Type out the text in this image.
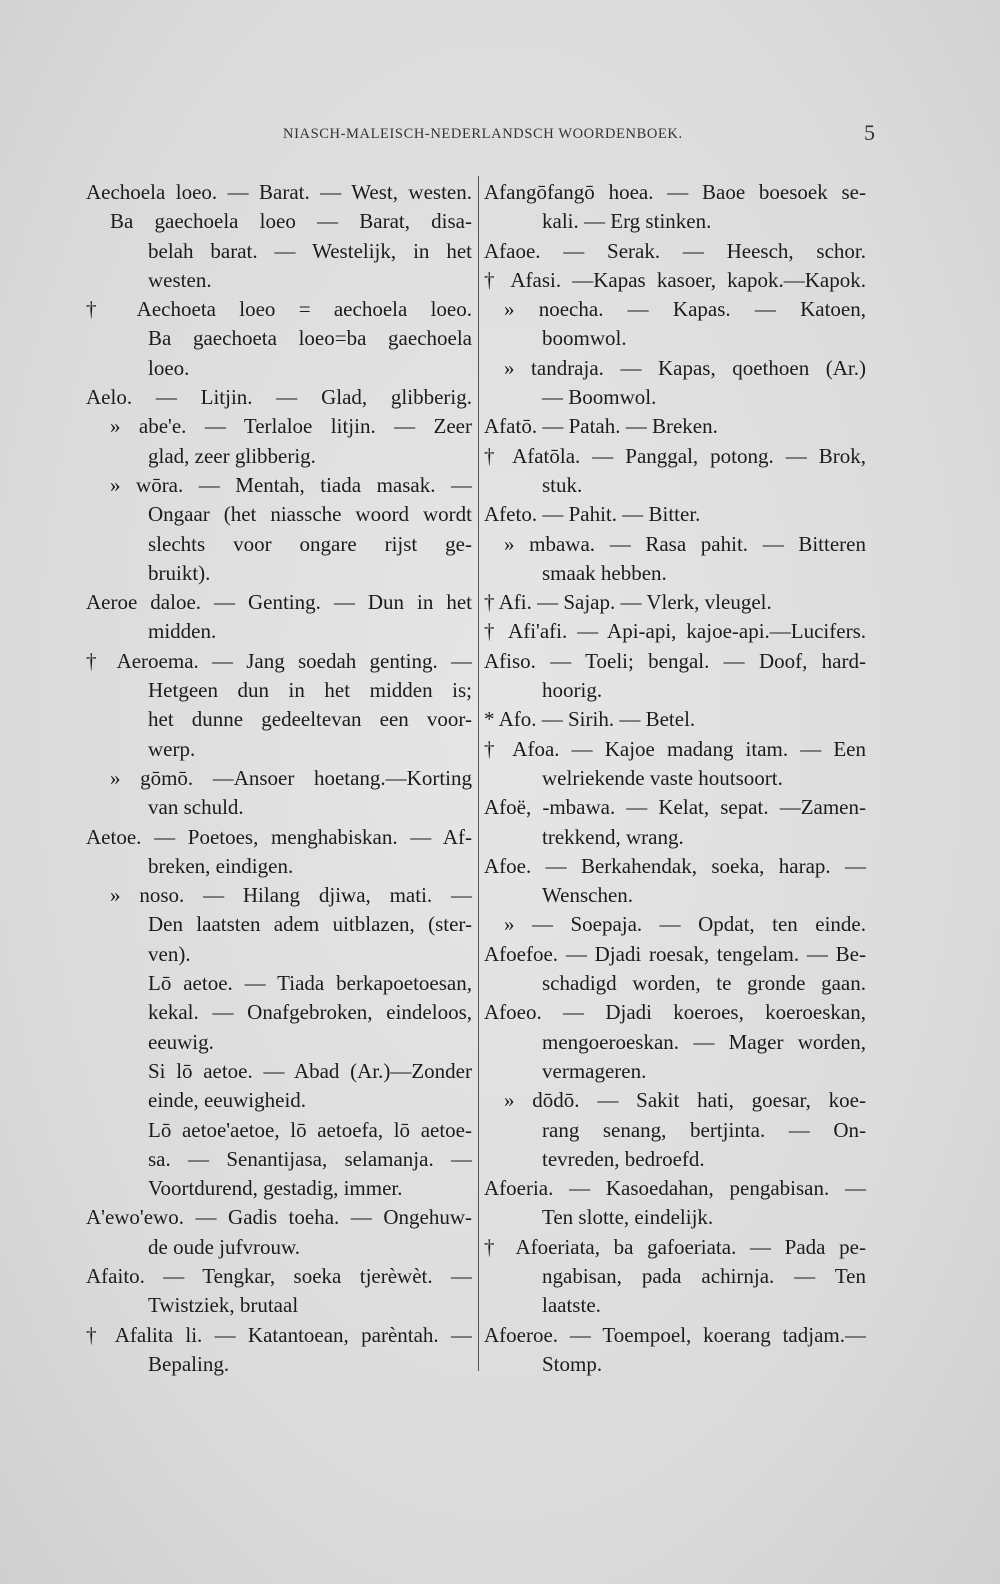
NIASCH-MALEISCH-NEDERLANDSCH WOORDENBOEK.	5
Aechoela loeo. — Barat. — West, westen.
Ba gaechoela loeo — Barat, disa-
belah barat. — Westelijk, in het
westen.
† Aechoeta loeo = aechoela loeo.
Ba gaechoeta loeo=ba gaechoela
loeo.
Aelo. — Litjin. — Glad, glibberig.
» abe'e. — Terlaloe litjin. — Zeer
glad, zeer glibberig.
» wōra. — Mentah, tiada masak. —
Ongaar (het niassche woord wordt
slechts voor ongare rijst ge-
bruikt).
Aeroe daloe. — Genting. — Dun in het
midden.
† Aeroema. — Jang soedah genting. —
Hetgeen dun in het midden is;
het dunne gedeeltevan een voor-
werp.
» gōmō. —Ansoer hoetang.—Korting
van schuld.
Aetoe. — Poetoes, menghabiskan. — Af-
breken, eindigen.
» noso. — Hilang djiwa, mati. —
Den laatsten adem uitblazen, (ster-
ven).
Lō aetoe. — Tiada berkapoetoesan,
kekal. — Onafgebroken, eindeloos,
eeuwig.
Si lō aetoe. — Abad (Ar.)—Zonder
einde, eeuwigheid.
Lō aetoe'aetoe, lō aetoefa, lō aetoe-
sa. — Senantijasa, selamanja. —
Voortdurend, gestadig, immer.
A'ewo'ewo. — Gadis toeha. — Ongehuw-
de oude jufvrouw.
Afaito. — Tengkar, soeka tjerèwèt. —
Twistziek, brutaal
† Afalita li. — Katantoean, parèntah. —
Bepaling.
Afangōfangō hoea. — Baoe boesoek se-
kali. — Erg stinken.
Afaoe. — Serak. — Heesch, schor.
† Afasi. —Kapas kasoer, kapok.—Kapok.
» noecha. — Kapas. — Katoen,
boomwol.
» tandraja. — Kapas, qoethoen (Ar.)
— Boomwol.
Afatō. — Patah. — Breken.
† Afatōla. — Panggal, potong. — Brok,
stuk.
Afeto. — Pahit. — Bitter.
» mbawa. — Rasa pahit. — Bitteren
smaak hebben.
† Afi. — Sajap. — Vlerk, vleugel.
† Afi'afi. — Api-api, kajoe-api.—Lucifers.
Afiso. — Toeli; bengal. — Doof, hard-
hoorig.
* Afo. — Sirih. — Betel.
† Afoa. — Kajoe madang itam. — Een
welriekende vaste houtsoort.
Afoë, -mbawa. — Kelat, sepat. —Zamen-
trekkend, wrang.
Afoe. — Berkahendak, soeka, harap. —
Wenschen.
» — Soepaja. — Opdat, ten einde.
Afoefoe. — Djadi roesak, tengelam. — Be-
schadigd worden, te gronde gaan.
Afoeo. — Djadi koeroes, koeroeskan,
mengoeroeskan. — Mager worden,
vermageren.
» dōdō. — Sakit hati, goesar, koe-
rang senang, bertjinta. — On-
tevreden, bedroefd.
Afoeria. — Kasoedahan, pengabisan. —
Ten slotte, eindelijk.
† Afoeriata, ba gafoeriata. — Pada pe-
ngabisan, pada achirnja. — Ten
laatste.
Afoeroe. — Toempoel, koerang tadjam.—
Stomp.
